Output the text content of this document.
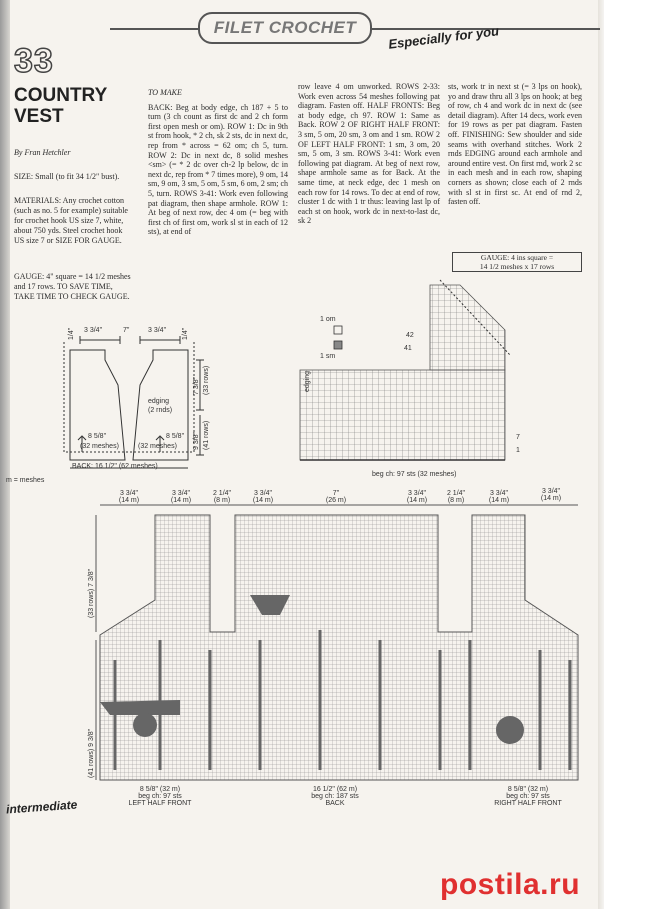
FILET CROCHET	Especially for you
33
COUNTRY
VEST
By Fran Hetchler
SIZE: Small (to fit 34 1/2" bust).
MATERIALS: Any crochet cotton (such as no. 5 for example) suitable for crochet hook US size 7, white, about 750 yds. Steel crochet hook US size 7 or SIZE FOR GAUGE.
GAUGE: 4" square = 14 1/2 meshes and 17 rows. TO SAVE TIME, TAKE TIME TO CHECK GAUGE.

TO MAKE

BACK: Beg at body edge, ch 187 + 5 to turn (3 ch count as first dc and 2 ch form first open mesh or om). ROW 1: Dc in 9th st from hook, * 2 ch, sk 2 sts, dc in next dc, rep from * across = 62 om; ch 5, turn. ROW 2: Dc in next dc, 8 solid meshes <sm> (= * 2 dc over ch-2 lp below, dc in next dc, rep from * 7 times more), 9 om, 14 sm, 9 om, 3 sm, 5 om, 5 sm, 6 om, 2 sm; ch 5, turn. ROWS 3-41: Work even following pat diagram, then shape armhole. ROW 1: At beg of next row, dec 4 om (= beg with first ch of first om, work sl st in each of 12 sts), at end of

row leave 4 om unworked. ROWS 2-33: Work even across 54 meshes following pat diagram. Fasten off. HALF FRONTS: Beg at body edge, ch 97. ROW 1: Same as Back. ROW 2 OF RIGHT HALF FRONT: 3 sm, 5 om, 20 sm, 3 om and 1 sm. ROW 2 OF LEFT HALF FRONT: 1 sm, 3 om, 20 sm, 5 om, 3 sm. ROWS 3-41: Work even following pat diagram. At beg of next row, shape armhole same as for Back. At the same time, at neck edge, dec 1 mesh on each row for 14 rows. To dec at end of row, cluster 1 dc with 1 tr thus: leaving last lp of each st on hook, work dc in next-to-last dc, sk 2

sts, work tr in next st (= 3 lps on hook), yo and draw thru all 3 lps on hook; at beg of row, ch 4 and work dc in next dc (see detail diagram). After 14 decs, work even for 19 rows as per pat diagram. Fasten off. FINISHING: Sew shoulder and side seams with overhand stitches. Work 2 rnds EDGING around each armhole and around entire vest. On first rnd, work 2 sc in each mesh and in each row, shaping corners as shown; close each of 2 rnds with sl st in first sc. At end of rnd 2, fasten off.

GAUGE: 4 ins square =
14 1/2 meshes x 17 rows
3 3/4"	7"	3 3/4"
1/4"	1/4"
7 3/8" (33 rows)
9 3/8" (41 rows)
edging
(2 rnds)
8 5/8"
(32 meshes)
8 5/8"
(32 meshes)
BACK: 16 1/2" (62 meshes)
m = meshes
1 om
1 sm
edging
42
41
7
1
beg ch: 97 sts (32 meshes)
3 3/4"
(14 m)
3 3/4"
(14 m)
2 1/4"
(8 m)
3 3/4"
(14 m)
7"
(26 m)
3 3/4"
(14 m)
2 1/4"
(8 m)
3 3/4"
(14 m)
3 3/4"
(14 m)
(33 rows) 7 3/8"
(41 rows) 9 3/8"
8 5/8" (32 m)
beg ch: 97 sts
LEFT HALF FRONT
16 1/2" (62 m)
beg ch: 187 sts
BACK
8 5/8" (32 m)
beg ch: 97 sts
RIGHT HALF FRONT
intermediate
postila.ru
